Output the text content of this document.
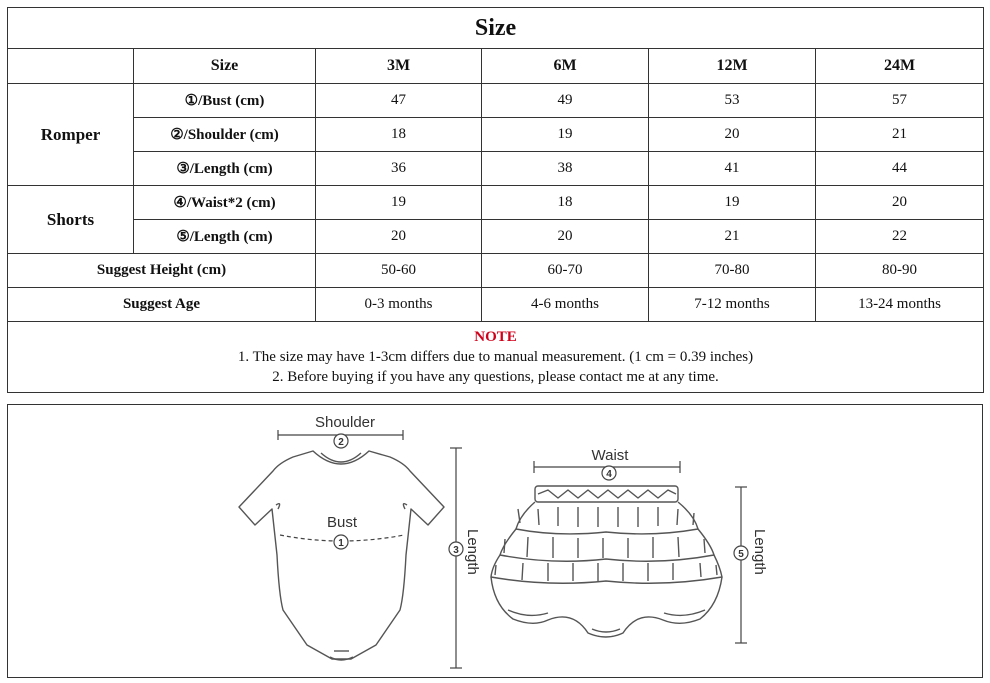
Size					
	Size	3M	6M	12M	24M
Romper	①/Bust (cm)	47	49	53	57
	②/Shoulder (cm)	18	19	20	21
	③/Length (cm)	36	38	41	44
Shorts	④/Waist*2 (cm)	19	18	19	20
	⑤/Length (cm)	20	20	21	22
Suggest Height (cm)		50-60	60-70	70-80	80-90
Suggest Age		0-3 months	4-6 months	7-12 months	13-24 months

NOTE
1. The size may have 1-3cm differs due to manual measurement. (1 cm = 0.39 inches)
2. Before buying if you have any questions, please contact me at any time.					
Shoulder
2
Bust
1
3 Length
Waist
4
5 Length
